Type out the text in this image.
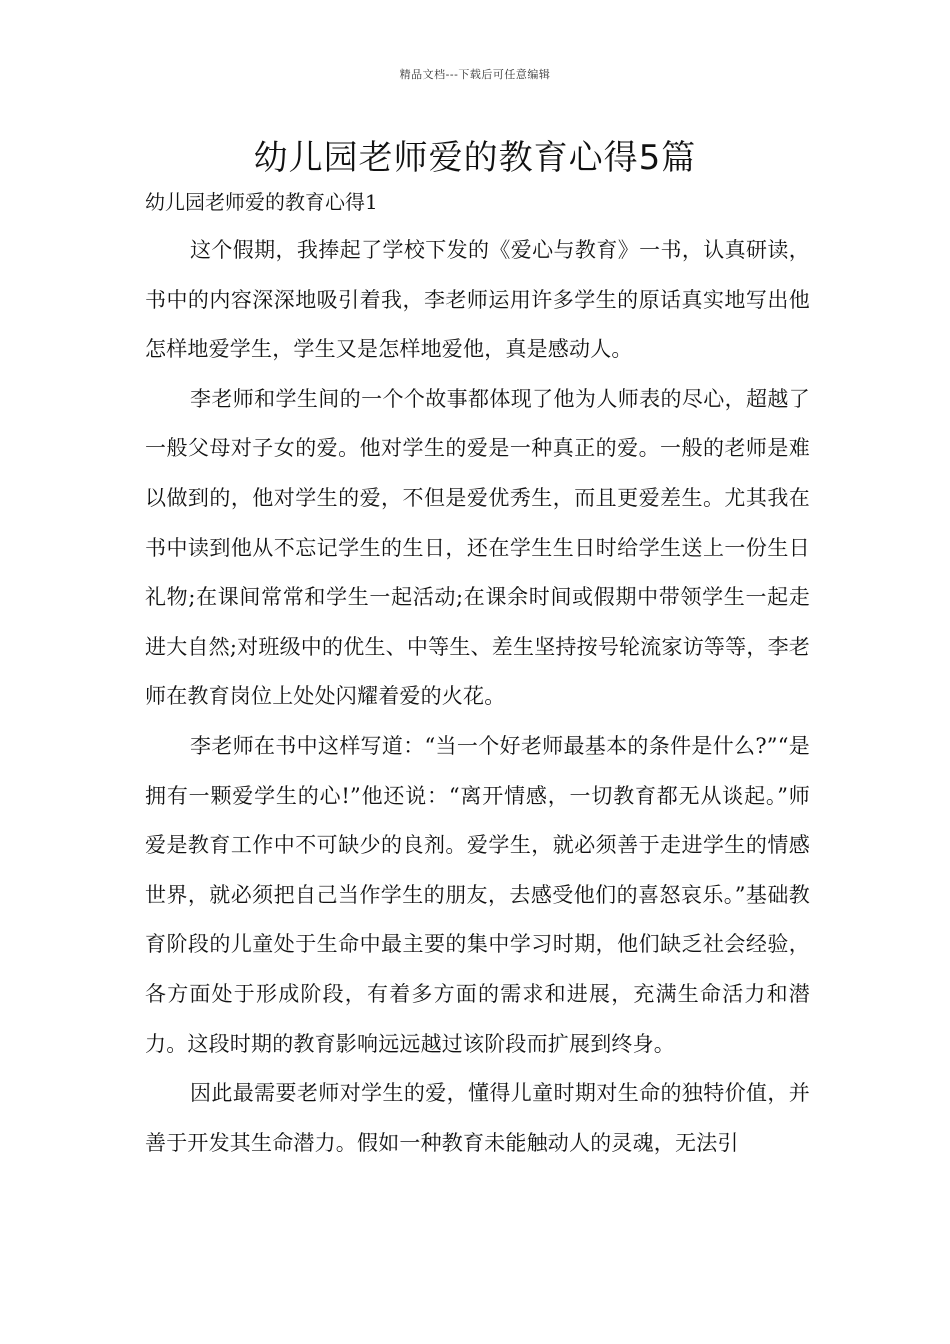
精品文档---下载后可任意编辑
幼儿园老师爱的教育心得5篇
幼儿园老师爱的教育心得1

这个假期，我捧起了学校下发的《爱心与教育》一书，认真研读，书中的内容深深地吸引着我，李老师运用许多学生的原话真实地写出他怎样地爱学生，学生又是怎样地爱他，真是感动人。

李老师和学生间的一个个故事都体现了他为人师表的尽心，超越了一般父母对子女的爱。他对学生的爱是一种真正的爱。一般的老师是难以做到的，他对学生的爱，不但是爱优秀生，而且更爱差生。尤其我在书中读到他从不忘记学生的生日，还在学生生日时给学生送上一份生日礼物;在课间常常和学生一起活动;在课余时间或假期中带领学生一起走进大自然;对班级中的优生、中等生、差生坚持按号轮流家访等等，李老师在教育岗位上处处闪耀着爱的火花。

李老师在书中这样写道：“当一个好老师最基本的条件是什么?”“是拥有一颗爱学生的心!”他还说：“离开情感，一切教育都无从谈起。”师爱是教育工作中不可缺少的良剂。爱学生，就必须善于走进学生的情感世界，就必须把自己当作学生的朋友，去感受他们的喜怒哀乐。”基础教育阶段的儿童处于生命中最主要的集中学习时期，他们缺乏社会经验，各方面处于形成阶段，有着多方面的需求和进展，充满生命活力和潜力。这段时期的教育影响远远越过该阶段而扩展到终身。

因此最需要老师对学生的爱，懂得儿童时期对生命的独特价值，并善于开发其生命潜力。假如一种教育未能触动人的灵魂，无法引
